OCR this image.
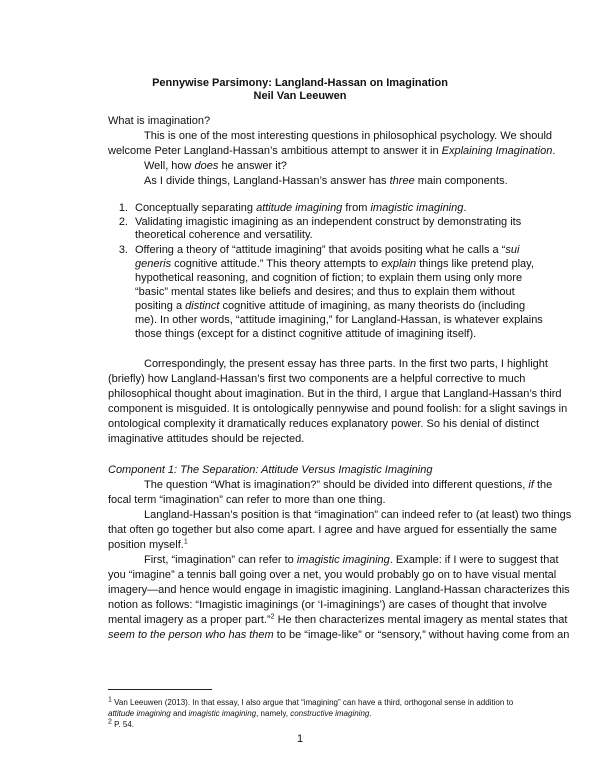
Pennywise Parsimony: Langland-Hassan on Imagination
Neil Van Leeuwen
What is imagination?
This is one of the most interesting questions in philosophical psychology. We should
welcome Peter Langland-Hassan’s ambitious attempt to answer it in Explaining Imagination.
Well, how does he answer it?
As I divide things, Langland-Hassan’s answer has three main components.
1. Conceptually separating attitude imagining from imagistic imagining.
2. Validating imagistic imagining as an independent construct by demonstrating its
theoretical coherence and versatility.
3. Offering a theory of “attitude imagining” that avoids positing what he calls a “sui
generis cognitive attitude.” This theory attempts to explain things like pretend play,
hypothetical reasoning, and cognition of fiction; to explain them using only more
“basic” mental states like beliefs and desires; and thus to explain them without
positing a distinct cognitive attitude of imagining, as many theorists do (including
me). In other words, “attitude imagining,” for Langland-Hassan, is whatever explains
those things (except for a distinct cognitive attitude of imagining itself).
Correspondingly, the present essay has three parts. In the first two parts, I highlight
(briefly) how Langland-Hassan’s first two components are a helpful corrective to much
philosophical thought about imagination. But in the third, I argue that Langland-Hassan’s third
component is misguided. It is ontologically pennywise and pound foolish: for a slight savings in
ontological complexity it dramatically reduces explanatory power. So his denial of distinct
imaginative attitudes should be rejected.
Component 1: The Separation: Attitude Versus Imagistic Imagining
The question “What is imagination?” should be divided into different questions, if the
focal term “imagination” can refer to more than one thing.
Langland-Hassan’s position is that “imagination” can indeed refer to (at least) two things
that often go together but also come apart. I agree and have argued for essentially the same
position myself.$^1$
First, “imagination” can refer to imagistic imagining. Example: if I were to suggest that
you “imagine” a tennis ball going over a net, you would probably go on to have visual mental
imagery—and hence would engage in imagistic imagining. Langland-Hassan characterizes this
notion as follows: “Imagistic imaginings (or ‘I-imaginings’) are cases of thought that involve
mental imagery as a proper part.”$^2$ He then characterizes mental imagery as mental states that
seem to the person who has them to be “image-like” or “sensory,” without having come from an
$^1$ Van Leeuwen (2013). In that essay, I also argue that “imagining” can have a third, orthogonal sense in addition to
attitude imagining and imagistic imagining, namely, constructive imagining.
$^2$ P. 54.
1
